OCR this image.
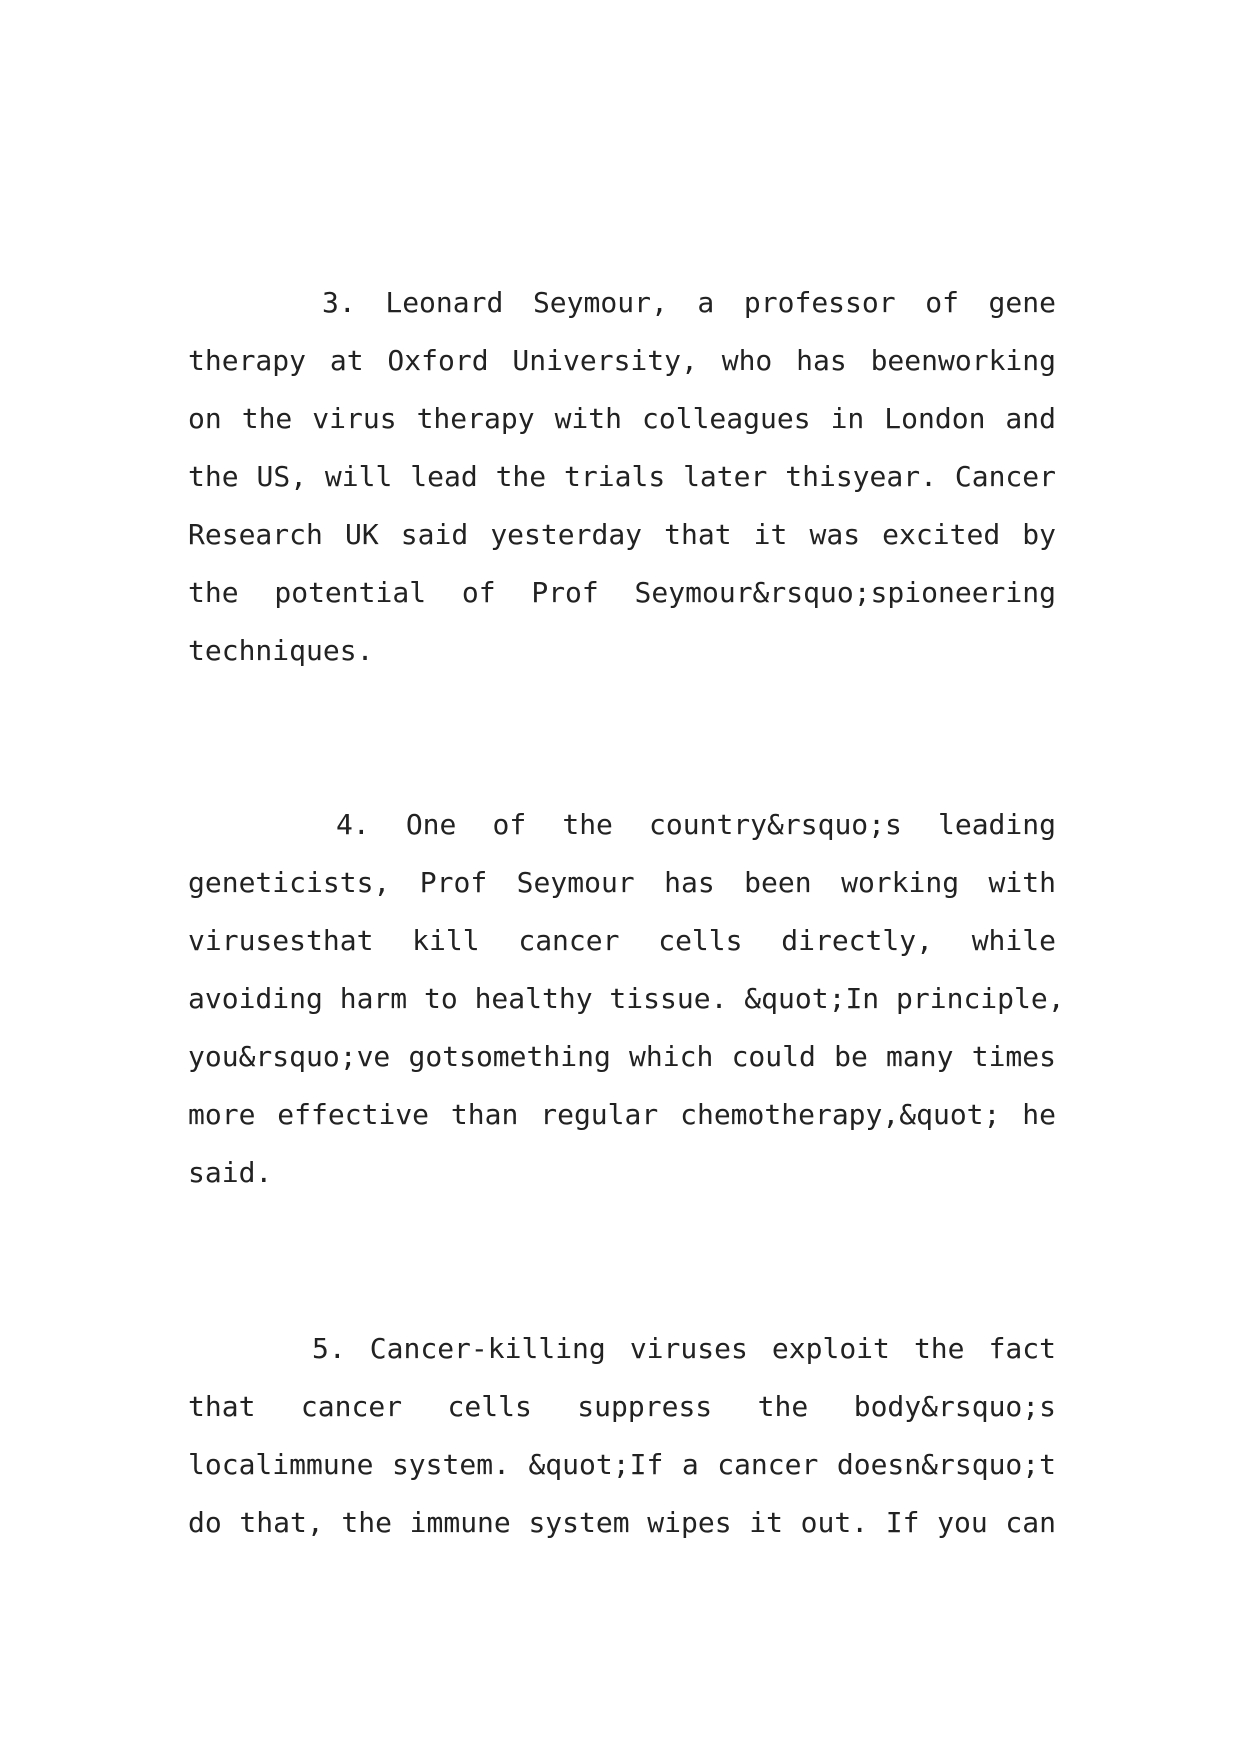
3. Leonard Seymour, a professor of gene
therapy at Oxford University, who has beenworking
on the virus therapy with colleagues in London and
the US, will lead the trials later thisyear. Cancer
Research UK said yesterday that it was excited by
the potential of Prof Seymour&rsquo;spioneering
techniques.
4. One of the country&rsquo;s leading
geneticists, Prof Seymour has been working with
virusesthat kill cancer cells directly, while
avoiding harm to healthy tissue. &quot;In principle,
you&rsquo;ve gotsomething which could be many times
more effective than regular chemotherapy,&quot; he
said.
5. Cancer-killing viruses exploit the fact
that cancer cells suppress the body&rsquo;s
localimmune system. &quot;If a cancer doesn&rsquo;t
do that, the immune system wipes it out. If you can
